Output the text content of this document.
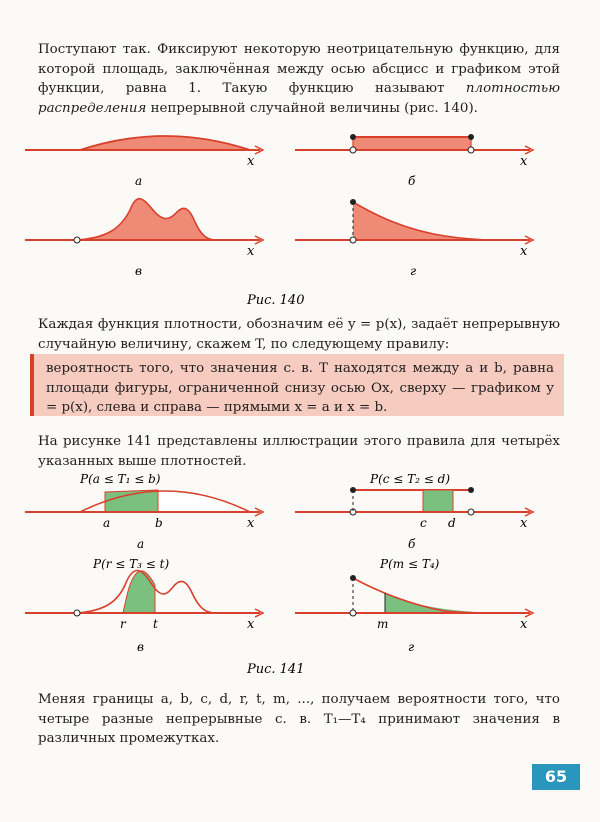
Поступают так. Фиксируют некоторую неотрицательную функцию, для которой площадь, заключённая между осью абсцисс и графиком этой функции, равна 1. Такую функцию называют плотностью распределения непрерывной случайной величины (рис. 140).
x
а
x
б
x
в
x
г
Рис. 140
Каждая функция плотности, обозначим её y = p(x), задаёт непрерывную случайную величину, скажем T, по следующему правилу:
вероятность того, что значения с. в. T находятся между a и b, равна площади фигуры, ограниченной снизу осью Ox, сверху — графиком y = p(x), слева и справа — прямыми x = a и x = b.
На рисунке 141 представлены иллюстрации этого правила для четырёх указанных выше плотностей.
P(a ≤ T₁ ≤ b)
a	b	x
а
P(c ≤ T₂ ≤ d)
c d	x
б
P(r ≤ T₃ ≤ t)
r t	x
в
P(m ≤ T₄)
m	x
г
Рис. 141
Меняя границы a, b, c, d, r, t, m, ..., получаем вероятности того, что четыре разные непрерывные с. в. T₁—T₄ принимают значения в различных промежутках.
65
